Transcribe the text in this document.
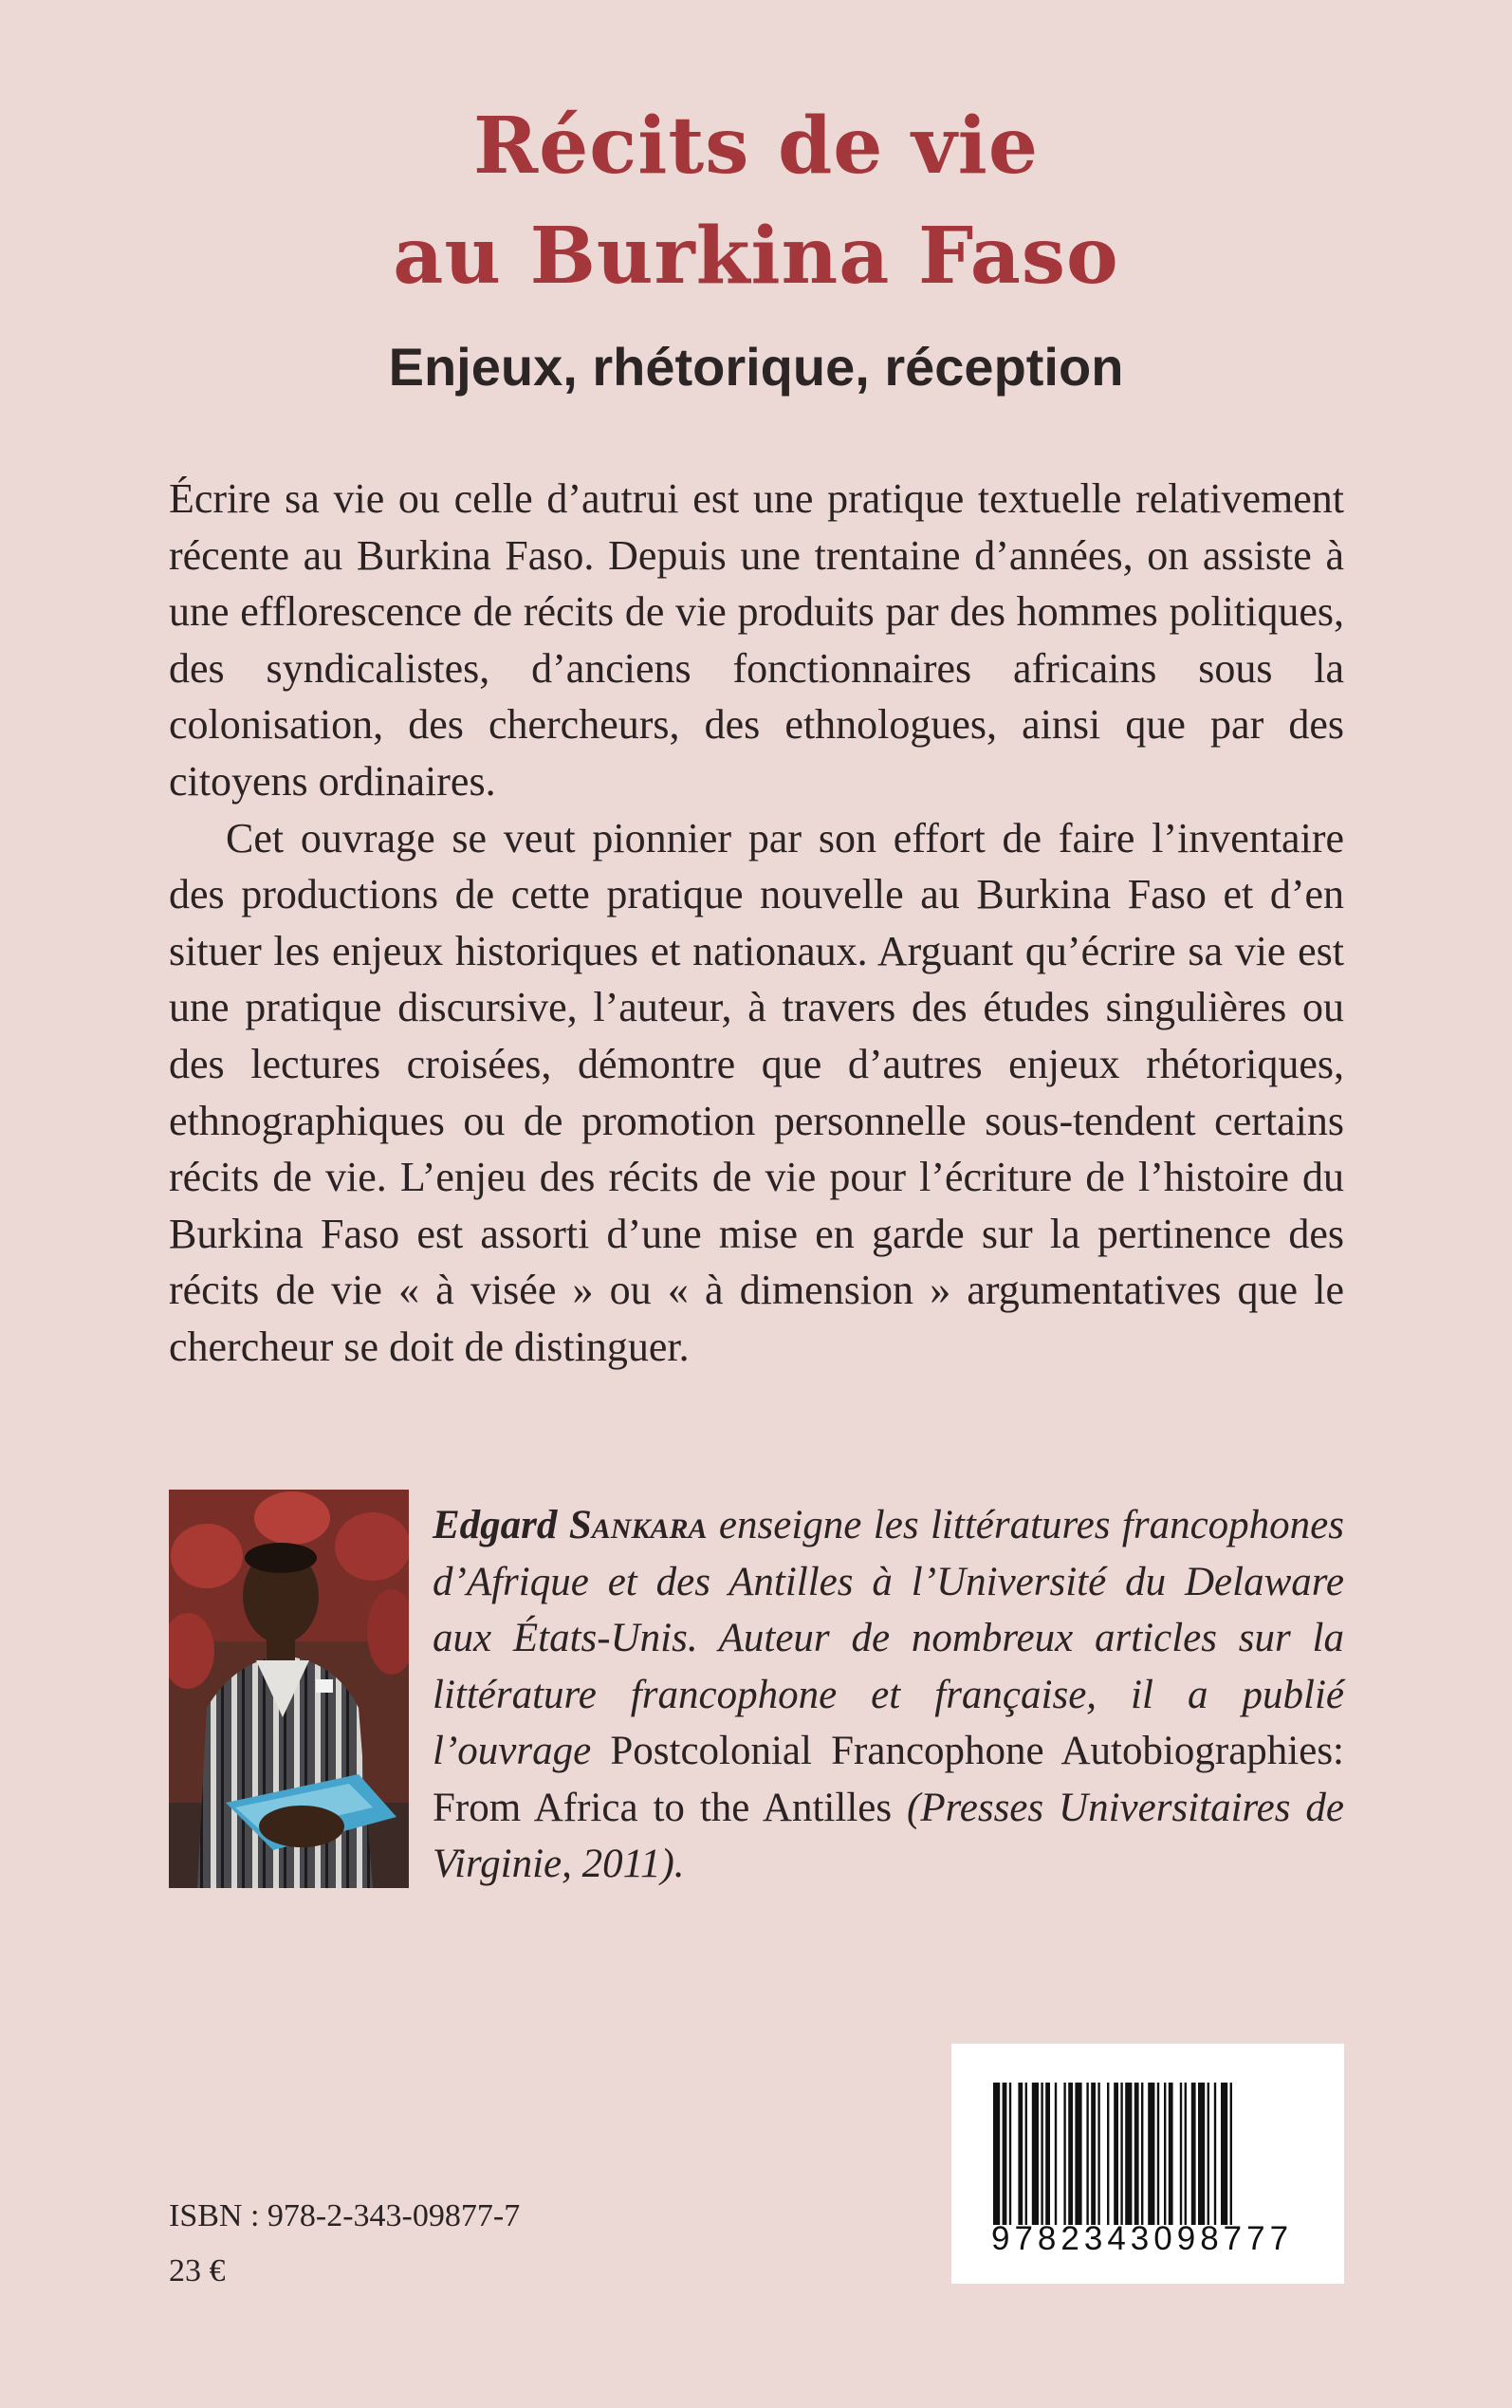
Récits de vie
au Burkina Faso
Enjeux, rhétorique, réception

Écrire sa vie ou celle d’autrui est une pratique textuelle relativement récente au Burkina Faso. Depuis une trentaine d’années, on assiste à une efflorescence de récits de vie produits par des hommes politiques, des syndicalistes, d’anciens fonctionnaires africains sous la colonisation, des chercheurs, des ethnologues, ainsi que par des citoyens ordinaires.

Cet ouvrage se veut pionnier par son effort de faire l’inventaire des productions de cette pratique nouvelle au Burkina Faso et d’en situer les enjeux historiques et nationaux. Arguant qu’écrire sa vie est une pratique discursive, l’auteur, à travers des études singulières ou des lectures croisées, démontre que d’autres enjeux rhétoriques, ethnographiques ou de promotion personnelle sous-tendent certains récits de vie. L’enjeu des récits de vie pour l’écriture de l’histoire du Burkina Faso est assorti d’une mise en garde sur la pertinence des récits de vie « à visée » ou « à dimension » argumentatives que le chercheur se doit de distinguer.

Edgard Sankara enseigne les littératures francophones d’Afrique et des Antilles à l’Université du Delaware aux États-Unis. Auteur de nombreux articles sur la littérature francophone et française, il a publié l’ouvrage Postcolonial Francophone Autobiographies: From Africa to the Antilles (Presses Universitaires de Virginie, 2011).

ISBN : 978-2-343-09877-7

23 €

9782343098777
